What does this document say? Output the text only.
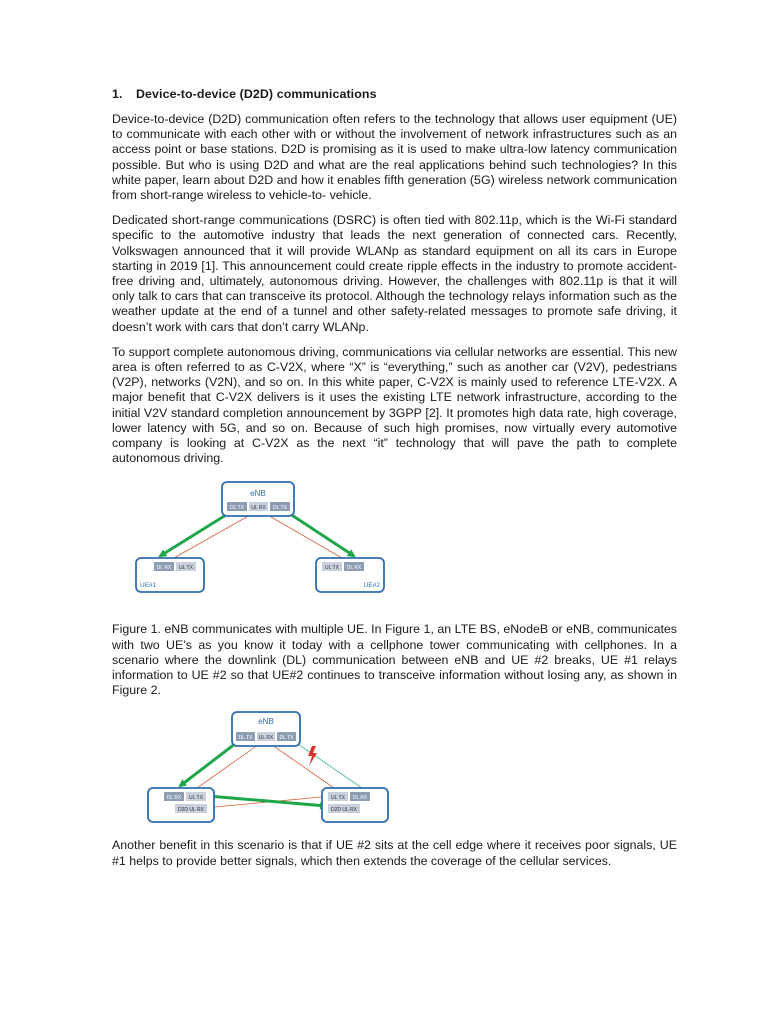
1. Device-to-device (D2D) communications

Device-to-device (D2D) communication often refers to the technology that allows user equipment (UE) to communicate with each other with or without the involvement of network infrastructures such as an access point or base stations. D2D is promising as it is used to make ultra-low latency communication possible. But who is using D2D and what are the real applications behind such technologies? In this white paper, learn about D2D and how it enables fifth generation (5G) wireless network communication from short-range wireless to vehicle-to- vehicle.

Dedicated short-range communications (DSRC) is often tied with 802.11p, which is the Wi-Fi standard specific to the automotive industry that leads the next generation of connected cars. Recently, Volkswagen announced that it will provide WLANp as standard equipment on all its cars in Europe starting in 2019 [1]. This announcement could create ripple effects in the industry to promote accident-free driving and, ultimately, autonomous driving. However, the challenges with 802.11p is that it will only talk to cars that can transceive its protocol. Although the technology relays information such as the weather update at the end of a tunnel and other safety-related messages to promote safe driving, it doesn’t work with cars that don’t carry WLANp.

To support complete autonomous driving, communications via cellular networks are essential. This new area is often referred to as C-V2X, where “X” is “everything,” such as another car (V2V), pedestrians (V2P), networks (V2N), and so on. In this white paper, C-V2X is mainly used to reference LTE-V2X. A major benefit that C-V2X delivers is it uses the existing LTE network infrastructure, according to the initial V2V standard completion announcement by 3GPP [2]. It promotes high data rate, high coverage, lower latency with 5G, and so on. Because of such high promises, now virtually every automotive company is looking at C-V2X as the next “it” technology that will pave the path to complete autonomous driving.

eNB
DL TX UL RX DL TX
DL RX UL TX
UE#1
UL TX DL RX
UE#2

Figure 1. eNB communicates with multiple UE. In Figure 1, an LTE BS, eNodeB or eNB, communicates with two UE’s as you know it today with a cellphone tower communicating with cellphones. In a scenario where the downlink (DL) communication between eNB and UE #2 breaks, UE #1 relays information to UE #2 so that UE#2 continues to transceive information without losing any, as shown in Figure 2.

eNB
DL TX UL RX DL TX
DL RX UL TX
D2D UL RX
UL TX DL RX
D2D UL RX

Another benefit in this scenario is that if UE #2 sits at the cell edge where it receives poor signals, UE #1 helps to provide better signals, which then extends the coverage of the cellular services.
